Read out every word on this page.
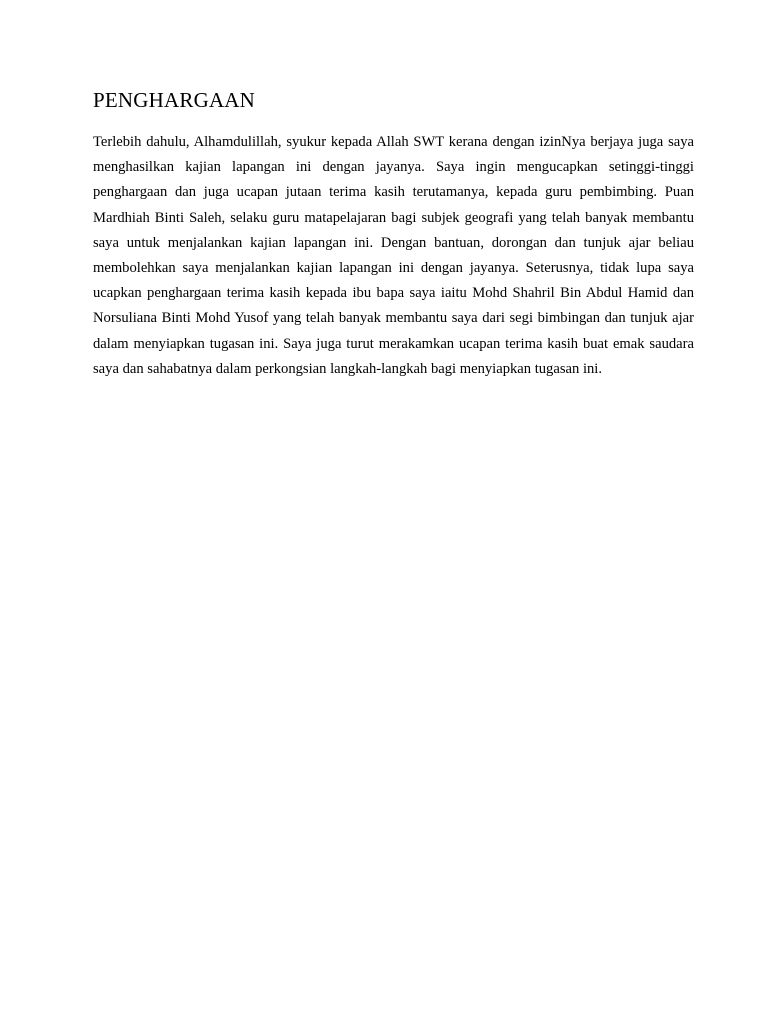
PENGHARGAAN

Terlebih dahulu, Alhamdulillah, syukur kepada Allah SWT kerana dengan izinNya berjaya juga saya menghasilkan kajian lapangan ini dengan jayanya. Saya ingin mengucapkan setinggi-tinggi penghargaan dan juga ucapan jutaan terima kasih terutamanya, kepada guru pembimbing. Puan Mardhiah Binti Saleh, selaku guru matapelajaran bagi subjek geografi yang telah banyak membantu saya untuk menjalankan kajian lapangan ini. Dengan bantuan, dorongan dan tunjuk ajar beliau membolehkan saya menjalankan kajian lapangan ini dengan jayanya. Seterusnya, tidak lupa saya ucapkan penghargaan terima kasih kepada ibu bapa saya iaitu Mohd Shahril Bin Abdul Hamid dan Norsuliana Binti Mohd Yusof yang telah banyak membantu saya dari segi bimbingan dan tunjuk ajar dalam menyiapkan tugasan ini. Saya juga turut merakamkan ucapan terima kasih buat emak saudara saya dan sahabatnya dalam perkongsian langkah-langkah bagi menyiapkan tugasan ini.
